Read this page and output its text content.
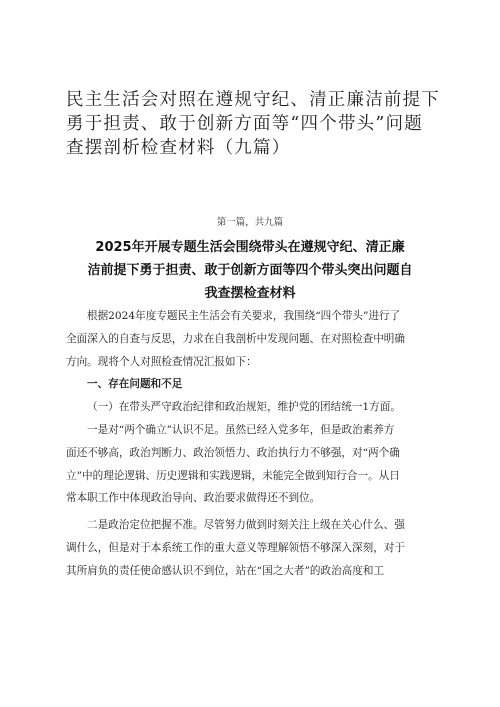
民主生活会对照在遵规守纪、清正廉洁前提下
勇于担责、敢于创新方面等“四个带头”问题
查摆剖析检查材料（九篇）
第一篇，共九篇
2025年开展专题生活会围绕带头在遵规守纪、清正廉
洁前提下勇于担责、敢于创新方面等四个带头突出问题自
我查摆检查材料
根据2024年度专题民主生活会有关要求，我围绕“四个带头”进行了
全面深入的自查与反思，力求在自我剖析中发现问题、在对照检查中明确
方向。现将个人对照检查情况汇报如下：
一、存在问题和不足
（一）在带头严守政治纪律和政治规矩，维护党的团结统一1方面。
一是对“两个确立”认识不足。虽然已经入党多年，但是政治素养方
面还不够高，政治判断力、政治领悟力、政治执行力不够强，对“两个确
立”中的理论逻辑、历史逻辑和实践逻辑，未能完全做到知行合一。从日
常本职工作中体现政治导向、政治要求做得还不到位。
二是政治定位把握不准。尽管努力做到时刻关注上级在关心什么、强
调什么，但是对于本系统工作的重大意义等理解领悟不够深入深刻，对于
其所肩负的责任使命感认识不到位，站在“国之大者”的政治高度和工
